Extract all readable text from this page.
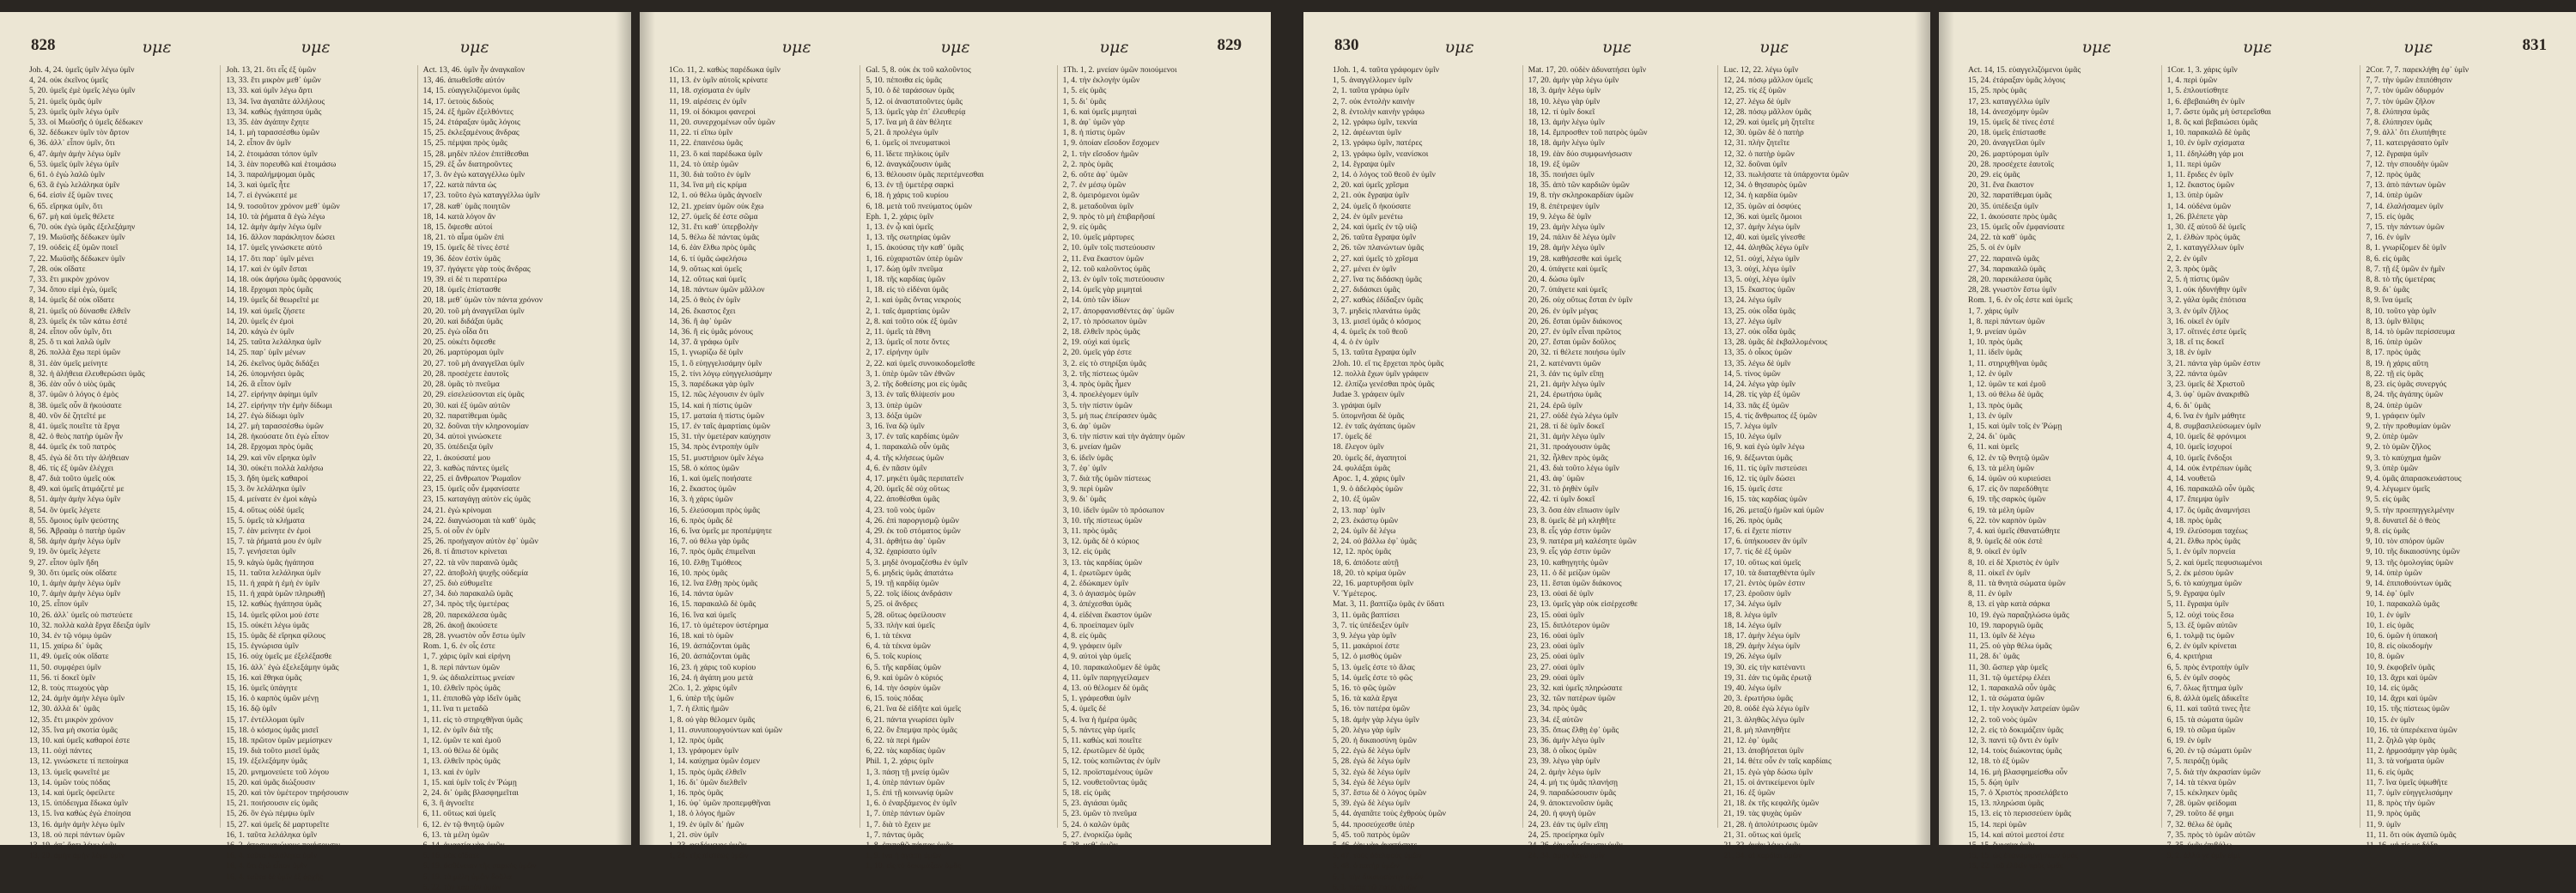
828	υμε	υμε	υμε
Joh. 4, 24. ὑμεῖς ὑμῖν λέγω ὑμῖν
4, 24. οὐκ ἐκεῖνος ὑμεῖς
5, 20. ὑμεῖς ἐμὲ ὑμεῖς λέγω ὑμῖν
5, 21. ὑμεῖς ὑμᾶς ὑμῖν
5, 23. ὑμεῖς ὑμῖν λέγω ὑμῖν
5, 33. οἱ Μωϋσῆς ὁ ὑμεῖς δέδωκεν
6, 32. δέδωκεν ὑμῖν τὸν ἄρτον
6, 36. ἀλλ᾽ εἶπον ὑμῖν, ὅτι
6, 47. ἀμὴν ἀμὴν λέγω ὑμῖν
6, 53. ὑμεῖς ὑμῖν λέγω ὑμῖν
6, 61. ὁ ἐγὼ λαλῶ ὑμῖν
6, 63. ἃ ἐγὼ λελάληκα ὑμῖν
6, 64. εἰσὶν ἐξ ὑμῶν τινες
6, 65. εἴρηκα ὑμῖν, ὅτι
6, 67. μὴ καὶ ὑμεῖς θέλετε
6, 70. οὐκ ἐγὼ ὑμᾶς ἐξελεξάμην
7, 19. Μωϋσῆς δέδωκεν ὑμῖν
7, 19. οὐδεὶς ἐξ ὑμῶν ποιεῖ
7, 22. Μωϋσῆς δέδωκεν ὑμῖν
7, 28. οὐκ οἴδατε
7, 33. ἔτι μικρὸν χρόνον
7, 34. ὅπου εἰμὶ ἐγὼ, ὑμεῖς
8, 14. ὑμεῖς δὲ οὐκ οἴδατε
8, 21. ὑμεῖς οὐ δύνασθε ἐλθεῖν
8, 23. ὑμεῖς ἐκ τῶν κάτω ἐστέ
8, 24. εἶπον οὖν ὑμῖν, ὅτι
8, 25. ὅ τι καὶ λαλῶ ὑμῖν
8, 26. πολλὰ ἔχω περὶ ὑμῶν
8, 31. ἐὰν ὑμεῖς μείνητε
8, 32. ἡ ἀλήθεια ἐλευθερώσει ὑμᾶς
8, 36. ἐὰν οὖν ὁ υἱὸς ὑμᾶς
8, 37. ὑμῶν ὁ λόγος ὁ ἐμὸς
8, 38. ὑμεῖς οὖν ἃ ἠκούσατε
8, 40. νῦν δὲ ζητεῖτέ με
8, 41. ὑμεῖς ποιεῖτε τὰ ἔργα
8, 42. ὁ θεὸς πατὴρ ὑμῶν ἦν
8, 44. ὑμεῖς ἐκ τοῦ πατρὸς
8, 45. ἐγὼ δὲ ὅτι τὴν ἀλήθειαν
8, 46. τίς ἐξ ὑμῶν ἐλέγχει
8, 47. διὰ τοῦτο ὑμεῖς οὐκ
8, 49. καὶ ὑμεῖς ἀτιμάζετέ με
8, 51. ἀμὴν ἀμὴν λέγω ὑμῖν
8, 54. ὃν ὑμεῖς λέγετε
8, 55. ὅμοιος ὑμῖν ψεύστης
8, 56. Ἀβραὰμ ὁ πατὴρ ὑμῶν
8, 58. ἀμὴν ἀμὴν λέγω ὑμῖν
9, 19. ὃν ὑμεῖς λέγετε
9, 27. εἶπον ὑμῖν ἤδη
9, 30. ὅτι ὑμεῖς οὐκ οἴδατε
10, 1. ἀμὴν ἀμὴν λέγω ὑμῖν
10, 7. ἀμὴν ἀμὴν λέγω ὑμῖν
10, 25. εἶπον ὑμῖν
10, 26. ἀλλ᾽ ὑμεῖς οὐ πιστεύετε
10, 32. πολλὰ καλὰ ἔργα ἔδειξα ὑμῖν
10, 34. ἐν τῷ νόμῳ ὑμῶν
11, 15. χαίρω δι᾽ ὑμᾶς
11, 49. ὑμεῖς οὐκ οἴδατε
11, 50. συμφέρει ὑμῖν
11, 56. τί δοκεῖ ὑμῖν
12, 8. τοὺς πτωχοὺς γὰρ
12, 24. ἀμὴν ἀμὴν λέγω ὑμῖν
12, 30. ἀλλὰ δι᾽ ὑμᾶς
12, 35. ἔτι μικρὸν χρόνον
12, 35. ἵνα μὴ σκοτία ὑμᾶς
13, 10. καὶ ὑμεῖς καθαροί ἐστε
13, 11. οὐχὶ πάντες
13, 12. γινώσκετε τί πεποίηκα
13, 13. ὑμεῖς φωνεῖτέ με
13, 14. ὑμῶν τοὺς πόδας
13, 14. καὶ ὑμεῖς ὀφείλετε
13, 15. ὑπόδειγμα ἔδωκα ὑμῖν
13, 15. ἵνα καθὼς ἐγὼ ἐποίησα
13, 16. ἀμὴν ἀμὴν λέγω ὑμῖν
13, 18. οὐ περὶ πάντων ὑμῶν
13, 19. ἀπ᾽ ἄρτι λέγω ὑμῖν
13, 20. ἀμὴν ἀμὴν λέγω ὑμῖν
Joh. 13, 21. ὅτι εἷς ἐξ ὑμῶν
13, 33. ἔτι μικρὸν μεθ᾽ ὑμῶν
13, 33. καὶ ὑμῖν λέγω ἄρτι
13, 34. ἵνα ἀγαπᾶτε ἀλλήλους
13, 34. καθὼς ἠγάπησα ὑμᾶς
13, 35. ἐὰν ἀγάπην ἔχητε
14, 1. μὴ ταρασσέσθω ὑμῶν
14, 2. εἶπον ἂν ὑμῖν
14, 2. ἑτοιμάσαι τόπον ὑμῖν
14, 3. ἐὰν πορευθῶ καὶ ἑτοιμάσω
14, 3. παραλήμψομαι ὑμᾶς
14, 3. καὶ ὑμεῖς ἦτε
14, 7. εἰ ἐγνώκειτέ με
14, 9. τοσοῦτον χρόνον μεθ᾽ ὑμῶν
14, 10. τὰ ῥήματα ἃ ἐγὼ λέγω
14, 12. ἀμὴν ἀμὴν λέγω ὑμῖν
14, 16. ἄλλον παράκλητον δώσει
14, 17. ὑμεῖς γινώσκετε αὐτό
14, 17. ὅτι παρ᾽ ὑμῖν μένει
14, 17. καὶ ἐν ὑμῖν ἔσται
14, 18. οὐκ ἀφήσω ὑμᾶς ὀρφανούς
14, 18. ἔρχομαι πρὸς ὑμᾶς
14, 19. ὑμεῖς δὲ θεωρεῖτέ με
14, 19. καὶ ὑμεῖς ζήσετε
14, 20. ὑμεῖς ἐν ἐμοὶ
14, 20. κἀγὼ ἐν ὑμῖν
14, 25. ταῦτα λελάληκα ὑμῖν
14, 25. παρ᾽ ὑμῖν μένων
14, 26. ἐκεῖνος ὑμᾶς διδάξει
14, 26. ὑπομνήσει ὑμᾶς
14, 26. ἃ εἶπον ὑμῖν
14, 27. εἰρήνην ἀφίημι ὑμῖν
14, 27. εἰρήνην τὴν ἐμὴν δίδωμι
14, 27. ἐγὼ δίδωμι ὑμῖν
14, 27. μὴ ταρασσέσθω ὑμῶν
14, 28. ἠκούσατε ὅτι ἐγὼ εἶπον
14, 28. ἔρχομαι πρὸς ὑμᾶς
14, 29. καὶ νῦν εἴρηκα ὑμῖν
14, 30. οὐκέτι πολλὰ λαλήσω
15, 3. ἤδη ὑμεῖς καθαροί
15, 3. ὃν λελάληκα ὑμῖν
15, 4. μείνατε ἐν ἐμοὶ κἀγὼ
15, 4. οὕτως οὐδὲ ὑμεῖς
15, 5. ὑμεῖς τὰ κλήματα
15, 7. ἐὰν μείνητε ἐν ἐμοὶ
15, 7. τὰ ῥήματά μου ἐν ὑμῖν
15, 7. γενήσεται ὑμῖν
15, 9. κἀγὼ ὑμᾶς ἠγάπησα
15, 11. ταῦτα λελάληκα ὑμῖν
15, 11. ἡ χαρὰ ἡ ἐμὴ ἐν ὑμῖν
15, 11. ἡ χαρὰ ὑμῶν πληρωθῇ
15, 12. καθὼς ἠγάπησα ὑμᾶς
15, 14. ὑμεῖς φίλοι μού ἐστε
15, 15. οὐκέτι λέγω ὑμᾶς
15, 15. ὑμᾶς δὲ εἴρηκα φίλους
15, 15. ἐγνώρισα ὑμῖν
15, 16. οὐχ ὑμεῖς με ἐξελέξασθε
15, 16. ἀλλ᾽ ἐγὼ ἐξελεξάμην ὑμᾶς
15, 16. καὶ ἔθηκα ὑμᾶς
15, 16. ὑμεῖς ὑπάγητε
15, 16. ὁ καρπὸς ὑμῶν μένῃ
15, 16. δῷ ὑμῖν
15, 17. ἐντέλλομαι ὑμῖν
15, 18. ὁ κόσμος ὑμᾶς μισεῖ
15, 18. πρῶτον ὑμῶν μεμίσηκεν
15, 19. διὰ τοῦτο μισεῖ ὑμᾶς
15, 19. ἐξελεξάμην ὑμᾶς
15, 20. μνημονεύετε τοῦ λόγου
15, 20. καὶ ὑμᾶς διώξουσιν
15, 20. καὶ τὸν ὑμέτερον τηρήσουσιν
15, 21. ποιήσουσιν εἰς ὑμᾶς
15, 26. ὃν ἐγὼ πέμψω ὑμῖν
15, 27. καὶ ὑμεῖς δὲ μαρτυρεῖτε
16, 1. ταῦτα λελάληκα ὑμῖν
16, 2. ἀποσυναγώγους ποιήσουσιν
16, 4. ταῦτα λελάληκα ὑμῖν
16, 4. ὅτι ἐγὼ εἶπον ὑμῖν
16, 4. ταῦτα δὲ ὑμῖν ἐξ ἀρχῆς
Act. 13, 46. ὑμῖν ἦν ἀναγκαῖον
13, 46. ἀπωθεῖσθε αὐτόν
14, 15. εὐαγγελιζόμενοι ὑμᾶς
14, 17. ὑετοὺς διδοὺς
15, 24. ἐξ ἡμῶν ἐξελθόντες
15, 24. ἐτάραξαν ὑμᾶς λόγοις
15, 25. ἐκλεξαμένους ἄνδρας
15, 25. πέμψαι πρὸς ὑμᾶς
15, 28. μηδὲν πλέον ἐπιτίθεσθαι
15, 29. ἐξ ὧν διατηροῦντες
17, 3. ὃν ἐγὼ καταγγέλλω ὑμῖν
17, 22. κατὰ πάντα ὡς
17, 23. τοῦτο ἐγὼ καταγγέλλω ὑμῖν
17, 28. καθ᾽ ὑμᾶς ποιητῶν
18, 14. κατὰ λόγον ἂν
18, 15. ὄψεσθε αὐτοί
18, 21. τὸ αἷμα ὑμῶν ἐπὶ
19, 15. ὑμεῖς δὲ τίνες ἐστέ
19, 36. δέον ἐστὶν ὑμᾶς
19, 37. ἠγάγετε γὰρ τοὺς ἄνδρας
19, 39. εἰ δέ τι περαιτέρω
20, 18. ὑμεῖς ἐπίστασθε
20, 18. μεθ᾽ ὑμῶν τὸν πάντα χρόνον
20, 20. τοῦ μὴ ἀναγγεῖλαι ὑμῖν
20, 20. καὶ διδάξαι ὑμᾶς
20, 25. ἐγὼ οἶδα ὅτι
20, 25. οὐκέτι ὄψεσθε
20, 26. μαρτύρομαι ὑμῖν
20, 27. τοῦ μὴ ἀναγγεῖλαι ὑμῖν
20, 28. προσέχετε ἑαυτοῖς
20, 28. ὑμᾶς τὸ πνεῦμα
20, 29. εἰσελεύσονται εἰς ὑμᾶς
20, 30. καὶ ἐξ ὑμῶν αὐτῶν
20, 32. παρατίθεμαι ὑμᾶς
20, 32. δοῦναι τὴν κληρονομίαν
20, 34. αὐτοὶ γινώσκετε
20, 35. ὑπέδειξα ὑμῖν
22, 1. ἀκούσατέ μου
22, 3. καθὼς πάντες ὑμεῖς
22, 25. εἰ ἄνθρωπον Ῥωμαῖον
23, 15. ὑμεῖς οὖν ἐμφανίσατε
23, 15. καταγάγῃ αὐτὸν εἰς ὑμᾶς
24, 21. ἐγὼ κρίνομαι
24, 22. διαγνώσομαι τὰ καθ᾽ ὑμᾶς
25, 5. οἱ οὖν ἐν ὑμῖν
25, 26. προήγαγον αὐτὸν ἐφ᾽ ὑμῶν
26, 8. τί ἄπιστον κρίνεται
27, 22. τὰ νῦν παραινῶ ὑμᾶς
27, 22. ἀποβολὴ ψυχῆς οὐδεμία
27, 25. διὸ εὐθυμεῖτε
27, 34. διὸ παρακαλῶ ὑμᾶς
27, 34. πρὸς τῆς ὑμετέρας
28, 20. παρεκάλεσα ὑμᾶς
28, 26. ἀκοῇ ἀκούσετε
28, 28. γνωστὸν οὖν ἔστω ὑμῖν
Rom. 1, 6. ἐν οἷς ἐστε
1, 7. χάρις ὑμῖν καὶ εἰρήνη
1, 8. περὶ πάντων ὑμῶν
1, 9. ὡς ἀδιαλείπτως μνείαν
1, 10. ἐλθεῖν πρὸς ὑμᾶς
1, 11. ἐπιποθῶ γὰρ ἰδεῖν ὑμᾶς
1, 11. ἵνα τι μεταδῶ
1, 11. εἰς τὸ στηριχθῆναι ὑμᾶς
1, 12. ἐν ὑμῖν διὰ τῆς
1, 12. ὑμῶν τε καὶ ἐμοῦ
1, 13. οὐ θέλω δὲ ὑμᾶς
1, 13. ἐλθεῖν πρὸς ὑμᾶς
1, 13. καὶ ἐν ὑμῖν
1, 15. καὶ ὑμῖν τοῖς ἐν Ῥώμῃ
2, 24. δι᾽ ὑμᾶς βλασφημεῖται
6, 3. ἢ ἀγνοεῖτε
6, 11. οὕτως καὶ ὑμεῖς
6, 12. ἐν τῷ θνητῷ ὑμῶν
6, 13. τὰ μέλη ὑμῶν
6, 14. ἁμαρτία γὰρ ὑμῶν
6, 16. οὐκ οἴδατε
6, 19. ἀσθένειαν τῆς σαρκὸς ὑμῶν
6, 19. τὰ μέλη ὑμῶν δοῦλα
6, 22. τὸν καρπὸν ὑμῶν
829
υμε	υμε	υμε
1Co. 11, 2. καθὼς παρέδωκα ὑμῖν
11, 13. ἐν ὑμῖν αὐτοῖς κρίνατε
11, 18. σχίσματα ἐν ὑμῖν
11, 19. αἱρέσεις ἐν ὑμῖν
11, 19. οἱ δόκιμοι φανεροὶ
11, 20. συνερχομένων οὖν ὑμῶν
11, 22. τί εἴπω ὑμῖν
11, 22. ἐπαινέσω ὑμᾶς
11, 23. ὃ καὶ παρέδωκα ὑμῖν
11, 24. τὸ ὑπὲρ ὑμῶν
11, 30. διὰ τοῦτο ἐν ὑμῖν
11, 34. ἵνα μὴ εἰς κρίμα
12, 1. οὐ θέλω ὑμᾶς ἀγνοεῖν
12, 21. χρείαν ὑμῶν οὐκ ἔχω
12, 27. ὑμεῖς δέ ἐστε σῶμα
12, 31. ἔτι καθ᾽ ὑπερβολὴν
14, 5. θέλω δὲ πάντας ὑμᾶς
14, 6. ἐὰν ἔλθω πρὸς ὑμᾶς
14, 6. τί ὑμᾶς ὠφελήσω
14, 9. οὕτως καὶ ὑμεῖς
14, 12. οὕτως καὶ ὑμεῖς
14, 18. πάντων ὑμῶν μᾶλλον
14, 25. ὁ θεὸς ἐν ὑμῖν
14, 26. ἕκαστος ἔχει
14, 36. ἢ ἀφ᾽ ὑμῶν
14, 36. ἢ εἰς ὑμᾶς μόνους
14, 37. ἃ γράφω ὑμῖν
15, 1. γνωρίζω δὲ ὑμῖν
15, 1. ὃ εὐηγγελισάμην ὑμῖν
15, 2. τίνι λόγῳ εὐηγγελισάμην
15, 3. παρέδωκα γὰρ ὑμῖν
15, 12. πῶς λέγουσιν ἐν ὑμῖν
15, 14. καὶ ἡ πίστις ὑμῶν
15, 17. ματαία ἡ πίστις ὑμῶν
15, 17. ἐν ταῖς ἁμαρτίαις ὑμῶν
15, 31. τὴν ὑμετέραν καύχησιν
15, 34. πρὸς ἐντροπὴν ὑμῖν
15, 51. μυστήριον ὑμῖν λέγω
15, 58. ὁ κόπος ὑμῶν
16, 1. καὶ ὑμεῖς ποιήσατε
16, 2. ἕκαστος ὑμῶν
16, 3. ἡ χάρις ὑμῶν
16, 5. ἐλεύσομαι πρὸς ὑμᾶς
16, 6. πρὸς ὑμᾶς δὲ
16, 6. ἵνα ὑμεῖς με προπέμψητε
16, 7. οὐ θέλω γὰρ ὑμᾶς
16, 7. πρὸς ὑμᾶς ἐπιμεῖναι
16, 10. ἔλθῃ Τιμόθεος
16, 10. πρὸς ὑμᾶς
16, 12. ἵνα ἔλθῃ πρὸς ὑμᾶς
16, 14. πάντα ὑμῶν
16, 15. παρακαλῶ δὲ ὑμᾶς
16, 16. ἵνα καὶ ὑμεῖς
16, 17. τὸ ὑμέτερον ὑστέρημα
16, 18. καὶ τὸ ὑμῶν
16, 19. ἀσπάζονται ὑμᾶς
16, 20. ἀσπάζονται ὑμᾶς
16, 23. ἡ χάρις τοῦ κυρίου
16, 24. ἡ ἀγάπη μου μετὰ
2Co. 1, 2. χάρις ὑμῖν
1, 6. ὑπὲρ τῆς ὑμῶν
1, 7. ἡ ἐλπὶς ἡμῶν
1, 8. οὐ γὰρ θέλομεν ὑμᾶς
1, 11. συνυπουργούντων καὶ ὑμῶν
1, 12. πρὸς ὑμᾶς
1, 13. γράφομεν ὑμῖν
1, 14. καύχημα ὑμῶν ἐσμεν
1, 15. πρὸς ὑμᾶς ἐλθεῖν
1, 16. δι᾽ ὑμῶν διελθεῖν
1, 16. πρὸς ὑμᾶς
1, 16. ὑφ᾽ ὑμῶν προπεμφθῆναι
1, 18. ὁ λόγος ἡμῶν
1, 19. ἐν ὑμῖν δι᾽ ἡμῶν
1, 21. σὺν ὑμῖν
1, 23. φειδόμενος ὑμῶν
1, 24. τῆς πίστεως ὑμῶν
Gal. 5, 8. οὐκ ἐκ τοῦ καλοῦντος
5, 10. πέποιθα εἰς ὑμᾶς
5, 10. ὁ δὲ ταράσσων ὑμᾶς
5, 12. οἱ ἀναστατοῦντες ὑμᾶς
5, 13. ὑμεῖς γὰρ ἐπ᾽ ἐλευθερίᾳ
5, 17. ἵνα μὴ ἃ ἐὰν θέλητε
5, 21. ἃ προλέγω ὑμῖν
6, 1. ὑμεῖς οἱ πνευματικοὶ
6, 11. ἴδετε πηλίκοις ὑμῖν
6, 12. ἀναγκάζουσιν ὑμᾶς
6, 13. θέλουσιν ὑμᾶς περιτέμνεσθαι
6, 13. ἐν τῇ ὑμετέρᾳ σαρκὶ
6, 18. ἡ χάρις τοῦ κυρίου
6, 18. μετὰ τοῦ πνεύματος ὑμῶν
Eph. 1, 2. χάρις ὑμῖν
1, 13. ἐν ᾧ καὶ ὑμεῖς
1, 13. τῆς σωτηρίας ὑμῶν
1, 15. ἀκούσας τὴν καθ᾽ ὑμᾶς
1, 16. εὐχαριστῶν ὑπὲρ ὑμῶν
1, 17. δώῃ ὑμῖν πνεῦμα
1, 18. τῆς καρδίας ὑμῶν
1, 18. εἰς τὸ εἰδέναι ὑμᾶς
2, 1. καὶ ὑμᾶς ὄντας νεκροὺς
2, 1. ταῖς ἁμαρτίαις ὑμῶν
2, 8. καὶ τοῦτο οὐκ ἐξ ὑμῶν
2, 11. ὑμεῖς τὰ ἔθνη
2, 13. ὑμεῖς οἵ ποτε ὄντες
2, 17. εἰρήνην ὑμῖν
2, 22. καὶ ὑμεῖς συνοικοδομεῖσθε
3, 1. ὑπὲρ ὑμῶν τῶν ἐθνῶν
3, 2. τῆς δοθείσης μοι εἰς ὑμᾶς
3, 13. ἐν ταῖς θλίψεσίν μου
3, 13. ὑπὲρ ὑμῶν
3, 13. δόξα ὑμῶν
3, 16. ἵνα δῷ ὑμῖν
3, 17. ἐν ταῖς καρδίαις ὑμῶν
4, 1. παρακαλῶ οὖν ὑμᾶς
4, 4. τῆς κλήσεως ὑμῶν
4, 6. ἐν πᾶσιν ὑμῖν
4, 17. μηκέτι ὑμᾶς περιπατεῖν
4, 20. ὑμεῖς δὲ οὐχ οὕτως
4, 22. ἀποθέσθαι ὑμᾶς
4, 23. τοῦ νοὸς ὑμῶν
4, 26. ἐπὶ παροργισμῷ ὑμῶν
4, 29. ἐκ τοῦ στόματος ὑμῶν
4, 31. ἀρθήτω ἀφ᾽ ὑμῶν
4, 32. ἐχαρίσατο ὑμῖν
5, 3. μηδὲ ὀνομαζέσθω ἐν ὑμῖν
5, 6. μηδεὶς ὑμᾶς ἀπατάτω
5, 19. τῇ καρδίᾳ ὑμῶν
5, 22. τοῖς ἰδίοις ἀνδράσιν
5, 25. οἱ ἄνδρες
5, 28. οὕτως ὀφείλουσιν
5, 33. πλὴν καὶ ὑμεῖς
6, 1. τὰ τέκνα
6, 4. τὰ τέκνα ὑμῶν
6, 5. τοῖς κυρίοις
6, 5. τῆς καρδίας ὑμῶν
6, 9. καὶ ὑμῶν ὁ κύριός
6, 14. τὴν ὀσφὺν ὑμῶν
6, 15. τοὺς πόδας
6, 21. ἵνα δὲ εἰδῆτε καὶ ὑμεῖς
6, 21. πάντα γνωρίσει ὑμῖν
6, 22. ὃν ἔπεμψα πρὸς ὑμᾶς
6, 22. τὰ περὶ ἡμῶν
6, 22. τὰς καρδίας ὑμῶν
Phil. 1, 2. χάρις ὑμῖν
1, 3. πάσῃ τῇ μνείᾳ ὑμῶν
1, 4. ὑπὲρ πάντων ὑμῶν
1, 5. ἐπὶ τῇ κοινωνίᾳ ὑμῶν
1, 6. ὁ ἐναρξάμενος ἐν ὑμῖν
1, 7. ὑπὲρ πάντων ὑμῶν
1, 7. διὰ τὸ ἔχειν με
1, 7. πάντας ὑμᾶς
1, 8. ἐπιποθῶ πάντας ὑμᾶς
1, 9. ἵνα ἡ ἀγάπη ὑμῶν
1, 10. εἰς τὸ δοκιμάζειν ὑμᾶς
1Th. 1, 2. μνείαν ὑμῶν ποιούμενοι
1, 4. τὴν ἐκλογὴν ὑμῶν
1, 5. εἰς ὑμᾶς
1, 5. δι᾽ ὑμᾶς
1, 6. καὶ ὑμεῖς μιμηταὶ
1, 8. ἀφ᾽ ὑμῶν γὰρ
1, 8. ἡ πίστις ὑμῶν
1, 9. ὁποίαν εἴσοδον ἔσχομεν
2, 1. τὴν εἴσοδον ἡμῶν
2, 2. πρὸς ὑμᾶς
2, 6. οὔτε ἀφ᾽ ὑμῶν
2, 7. ἐν μέσῳ ὑμῶν
2, 8. ὁμειρόμενοι ὑμῶν
2, 8. μεταδοῦναι ὑμῖν
2, 9. πρὸς τὸ μὴ ἐπιβαρῆσαί
2, 9. εἰς ὑμᾶς
2, 10. ὑμεῖς μάρτυρες
2, 10. ὑμῖν τοῖς πιστεύουσιν
2, 11. ἕνα ἕκαστον ὑμῶν
2, 12. τοῦ καλοῦντος ὑμᾶς
2, 13. ἐν ὑμῖν τοῖς πιστεύουσιν
2, 14. ὑμεῖς γὰρ μιμηταὶ
2, 14. ὑπὸ τῶν ἰδίων
2, 17. ἀπορφανισθέντες ἀφ᾽ ὑμῶν
2, 17. τὸ πρόσωπον ὑμῶν
2, 18. ἐλθεῖν πρὸς ὑμᾶς
2, 19. οὐχὶ καὶ ὑμεῖς
2, 20. ὑμεῖς γάρ ἐστε
3, 2. εἰς τὸ στηρίξαι ὑμᾶς
3, 2. τῆς πίστεως ὑμῶν
3, 4. πρὸς ὑμᾶς ἦμεν
3, 4. προελέγομεν ὑμῖν
3, 5. τὴν πίστιν ὑμῶν
3, 5. μή πως ἐπείρασεν ὑμᾶς
3, 6. ἀφ᾽ ὑμῶν
3, 6. τὴν πίστιν καὶ τὴν ἀγάπην ὑμῶν
3, 6. μνείαν ἡμῶν
3, 6. ἰδεῖν ὑμᾶς
3, 7. ἐφ᾽ ὑμῖν
3, 7. διὰ τῆς ὑμῶν πίστεως
3, 9. περὶ ὑμῶν
3, 9. δι᾽ ὑμᾶς
3, 10. ἰδεῖν ὑμῶν τὸ πρόσωπον
3, 10. τῆς πίστεως ὑμῶν
3, 11. πρὸς ὑμᾶς
3, 12. ὑμᾶς δὲ ὁ κύριος
3, 12. εἰς ὑμᾶς
3, 13. τὰς καρδίας ὑμῶν
4, 1. ἐρωτῶμεν ὑμᾶς
4, 2. ἐδώκαμεν ὑμῖν
4, 3. ὁ ἁγιασμὸς ὑμῶν
4, 3. ἀπέχεσθαι ὑμᾶς
4, 4. εἰδέναι ἕκαστον ὑμῶν
4, 6. προείπαμεν ὑμῖν
4, 8. εἰς ὑμᾶς
4, 9. γράφειν ὑμῖν
4, 9. αὐτοὶ γὰρ ὑμεῖς
4, 10. παρακαλοῦμεν δὲ ὑμᾶς
4, 11. ὑμῖν παρηγγείλαμεν
4, 13. οὐ θέλομεν δὲ ὑμᾶς
5, 1. γράφεσθαι ὑμῖν
5, 4. ὑμεῖς δέ
5, 4. ἵνα ἡ ἡμέρα ὑμᾶς
5, 5. πάντες γὰρ ὑμεῖς
5, 11. καθὼς καὶ ποιεῖτε
5, 12. ἐρωτῶμεν δὲ ὑμᾶς
5, 12. τοὺς κοπιῶντας ἐν ὑμῖν
5, 12. προϊσταμένους ὑμῶν
5, 12. νουθετοῦντας ὑμᾶς
5, 18. εἰς ὑμᾶς
5, 23. ἁγιάσαι ὑμᾶς
5, 23. ὑμῶν τὸ πνεῦμα
5, 24. ὁ καλῶν ὑμᾶς
5, 27. ἐνορκίζω ὑμᾶς
5, 28. μεθ᾽ ὑμῶν
830	υμε	υμε	υμε
1Joh. 1, 4. ταῦτα γράφομεν ὑμῖν
1, 5. ἀναγγέλλομεν ὑμῖν
2, 1. ταῦτα γράφω ὑμῖν
2, 7. οὐκ ἐντολὴν καινὴν
2, 8. ἐντολὴν καινὴν γράφω
2, 12. γράφω ὑμῖν, τεκνία
2, 12. ἀφέωνται ὑμῖν
2, 13. γράφω ὑμῖν, πατέρες
2, 13. γράφω ὑμῖν, νεανίσκοι
2, 14. ἔγραψα ὑμῖν
2, 14. ὁ λόγος τοῦ θεοῦ ἐν ὑμῖν
2, 20. καὶ ὑμεῖς χρῖσμα
2, 21. οὐκ ἔγραψα ὑμῖν
2, 24. ὑμεῖς ὃ ἠκούσατε
2, 24. ἐν ὑμῖν μενέτω
2, 24. καὶ ὑμεῖς ἐν τῷ υἱῷ
2, 26. ταῦτα ἔγραψα ὑμῖν
2, 26. τῶν πλανώντων ὑμᾶς
2, 27. καὶ ὑμεῖς τὸ χρῖσμα
2, 27. μένει ἐν ὑμῖν
2, 27. ἵνα τις διδάσκῃ ὑμᾶς
2, 27. διδάσκει ὑμᾶς
2, 27. καθὼς ἐδίδαξεν ὑμᾶς
3, 7. μηδεὶς πλανάτω ὑμᾶς
3, 13. μισεῖ ὑμᾶς ὁ κόσμος
4, 4. ὑμεῖς ἐκ τοῦ θεοῦ
4, 4. ὁ ἐν ὑμῖν
5, 13. ταῦτα ἔγραψα ὑμῖν
2Joh. 10. εἴ τις ἔρχεται πρὸς ὑμᾶς
12. πολλὰ ἔχων ὑμῖν γράφειν
12. ἐλπίζω γενέσθαι πρὸς ὑμᾶς
Judae 3. γράφειν ὑμῖν
3. γράψαι ὑμῖν
5. ὑπομνῆσαι δὲ ὑμᾶς
12. ἐν ταῖς ἀγάπαις ὑμῶν
17. ὑμεῖς δέ
18. ἔλεγον ὑμῖν
20. ὑμεῖς δέ, ἀγαπητοί
24. φυλάξαι ὑμᾶς
Apoc. 1, 4. χάρις ὑμῖν
1, 9. ὁ ἀδελφὸς ὑμῶν
2, 10. ἐξ ὑμῶν
2, 13. παρ᾽ ὑμῖν
2, 23. ἑκάστῳ ὑμῶν
2, 24. ὑμῖν δὲ λέγω
2, 24. οὐ βάλλω ἐφ᾽ ὑμᾶς
12, 12. πρὸς ὑμᾶς
18, 6. ἀπόδοτε αὐτῇ
18, 20. τὸ κρίμα ὑμῶν
22, 16. μαρτυρῆσαι ὑμῖν
V. Ὑμέτερος.
Mat. 3, 11. βαπτίζω ὑμᾶς ἐν ὕδατι
3, 11. ὑμᾶς βαπτίσει
3, 7. τίς ὑπέδειξεν ὑμῖν
3, 9. λέγω γὰρ ὑμῖν
5, 11. μακάριοί ἐστε
5, 12. ὁ μισθὸς ὑμῶν
5, 13. ὑμεῖς ἐστε τὸ ἅλας
5, 14. ὑμεῖς ἐστε τὸ φῶς
5, 16. τὸ φῶς ὑμῶν
5, 16. τὰ καλὰ ἔργα
5, 16. τὸν πατέρα ὑμῶν
5, 18. ἀμὴν γὰρ λέγω ὑμῖν
5, 20. λέγω γὰρ ὑμῖν
5, 20. ἡ δικαιοσύνη ὑμῶν
5, 22. ἐγὼ δὲ λέγω ὑμῖν
5, 28. ἐγὼ δὲ λέγω ὑμῖν
5, 32. ἐγὼ δὲ λέγω ὑμῖν
5, 34. ἐγὼ δὲ λέγω ὑμῖν
5, 37. ἔστω δὲ ὁ λόγος ὑμῶν
5, 39. ἐγὼ δὲ λέγω ὑμῖν
5, 44. ἀγαπᾶτε τοὺς ἐχθροὺς ὑμῶν
5, 44. προσεύχεσθε ὑπὲρ
5, 45. τοῦ πατρὸς ὑμῶν
5, 46. ἐὰν γὰρ ἀγαπήσητε
5, 47. τοὺς ἀδελφοὺς ὑμῶν
5, 48. ὁ πατὴρ ὑμῶν
6, 1. τὴν δικαιοσύνην ὑμῶν
6, 1. παρὰ τῷ πατρὶ ὑμῶν
Mat. 17, 20. οὐδὲν ἀδυνατήσει ὑμῖν
17, 20. ἀμὴν γὰρ λέγω ὑμῖν
18, 3. ἀμὴν λέγω ὑμῖν
18, 10. λέγω γὰρ ὑμῖν
18, 12. τί ὑμῖν δοκεῖ
18, 13. ἀμὴν λέγω ὑμῖν
18, 14. ἔμπροσθεν τοῦ πατρὸς ὑμῶν
18, 18. ἀμὴν λέγω ὑμῖν
18, 19. ἐὰν δύο συμφωνήσωσιν
18, 19. ἐξ ὑμῶν
18, 35. ποιήσει ὑμῖν
18, 35. ἀπὸ τῶν καρδιῶν ὑμῶν
19, 8. τὴν σκληροκαρδίαν ὑμῶν
19, 8. ἐπέτρεψεν ὑμῖν
19, 9. λέγω δὲ ὑμῖν
19, 23. ἀμὴν λέγω ὑμῖν
19, 24. πάλιν δὲ λέγω ὑμῖν
19, 28. ἀμὴν λέγω ὑμῖν
19, 28. καθήσεσθε καὶ ὑμεῖς
20, 4. ὑπάγετε καὶ ὑμεῖς
20, 4. δώσω ὑμῖν
20, 7. ὑπάγετε καὶ ὑμεῖς
20, 26. οὐχ οὕτως ἔσται ἐν ὑμῖν
20, 26. ἐν ὑμῖν μέγας
20, 26. ἔσται ὑμῶν διάκονος
20, 27. ἐν ὑμῖν εἶναι πρῶτος
20, 27. ἔσται ὑμῶν δοῦλος
20, 32. τί θέλετε ποιήσω ὑμῖν
21, 2. κατέναντι ὑμῶν
21, 3. ἐάν τις ὑμῖν εἴπῃ
21, 21. ἀμὴν λέγω ὑμῖν
21, 24. ἐρωτήσω ὑμᾶς
21, 24. ἐρῶ ὑμῖν
21, 27. οὐδὲ ἐγὼ λέγω ὑμῖν
21, 28. τί δὲ ὑμῖν δοκεῖ
21, 31. ἀμὴν λέγω ὑμῖν
21, 31. προάγουσιν ὑμᾶς
21, 32. ἦλθεν πρὸς ὑμᾶς
21, 43. διὰ τοῦτο λέγω ὑμῖν
21, 43. ἀφ᾽ ὑμῶν
22, 31. τὸ ῥηθὲν ὑμῖν
22, 42. τί ὑμῖν δοκεῖ
23, 3. ὅσα ἐὰν εἴπωσιν ὑμῖν
23, 8. ὑμεῖς δὲ μὴ κληθῆτε
23, 8. εἷς γάρ ἐστιν ὑμῶν
23, 9. πατέρα μὴ καλέσητε ὑμῶν
23, 9. εἷς γάρ ἐστιν ὑμῶν
23, 10. καθηγητὴς ὑμῶν
23, 11. ὁ δὲ μείζων ὑμῶν
23, 11. ἔσται ὑμῶν διάκονος
23, 13. οὐαὶ δὲ ὑμῖν
23, 13. ὑμεῖς γὰρ οὐκ εἰσέρχεσθε
23, 15. οὐαὶ ὑμῖν
23, 15. διπλότερον ὑμῶν
23, 16. οὐαὶ ὑμῖν
23, 23. οὐαὶ ὑμῖν
23, 25. οὐαὶ ὑμῖν
23, 27. οὐαὶ ὑμῖν
23, 29. οὐαὶ ὑμῖν
23, 32. καὶ ὑμεῖς πληρώσατε
23, 32. τῶν πατέρων ὑμῶν
23, 34. πρὸς ὑμᾶς
23, 34. ἐξ αὐτῶν
23, 35. ὅπως ἔλθῃ ἐφ᾽ ὑμᾶς
23, 36. ἀμὴν λέγω ὑμῖν
23, 38. ὁ οἶκος ὑμῶν
23, 39. λέγω γὰρ ὑμῖν
24, 2. ἀμὴν λέγω ὑμῖν
24, 4. μή τις ὑμᾶς πλανήσῃ
24, 9. παραδώσουσιν ὑμᾶς
24, 9. ἀποκτενοῦσιν ὑμᾶς
24, 20. ἡ φυγὴ ὑμῶν
24, 23. ἐάν τις ὑμῖν εἴπῃ
24, 25. προείρηκα ὑμῖν
24, 26. ἐὰν οὖν εἴπωσιν ὑμῖν
24, 34. ἀμὴν λέγω ὑμῖν
Luc. 12, 22. λέγω ὑμῖν
12, 24. πόσῳ μᾶλλον ὑμεῖς
12, 25. τίς ἐξ ὑμῶν
12, 27. λέγω δὲ ὑμῖν
12, 28. πόσῳ μᾶλλον ὑμᾶς
12, 29. καὶ ὑμεῖς μὴ ζητεῖτε
12, 30. ὑμῶν δὲ ὁ πατὴρ
12, 31. πλὴν ζητεῖτε
12, 32. ὁ πατὴρ ὑμῶν
12, 32. δοῦναι ὑμῖν
12, 33. πωλήσατε τὰ ὑπάρχοντα ὑμῶν
12, 34. ὁ θησαυρὸς ὑμῶν
12, 34. ἡ καρδία ὑμῶν
12, 35. ὑμῶν αἱ ὀσφύες
12, 36. καὶ ὑμεῖς ὅμοιοι
12, 37. ἀμὴν λέγω ὑμῖν
12, 40. καὶ ὑμεῖς γίνεσθε
12, 44. ἀληθῶς λέγω ὑμῖν
12, 51. οὐχί, λέγω ὑμῖν
13, 3. οὐχί, λέγω ὑμῖν
13, 5. οὐχί, λέγω ὑμῖν
13, 15. ἕκαστος ὑμῶν
13, 24. λέγω ὑμῖν
13, 25. οὐκ οἶδα ὑμᾶς
13, 27. λέγω ὑμῖν
13, 27. οὐκ οἶδα ὑμᾶς
13, 28. ὑμᾶς δὲ ἐκβαλλομένους
13, 35. ὁ οἶκος ὑμῶν
13, 35. λέγω δὲ ὑμῖν
14, 5. τίνος ὑμῶν
14, 24. λέγω γὰρ ὑμῖν
14, 28. τίς γὰρ ἐξ ὑμῶν
14, 33. πᾶς ἐξ ὑμῶν
15, 4. τίς ἄνθρωπος ἐξ ὑμῶν
15, 7. λέγω ὑμῖν
15, 10. λέγω ὑμῖν
16, 9. καὶ ἐγὼ ὑμῖν λέγω
16, 9. δέξωνται ὑμᾶς
16, 11. τίς ὑμῖν πιστεύσει
16, 12. τίς ὑμῖν δώσει
16, 15. ὑμεῖς ἐστε
16, 15. τὰς καρδίας ὑμῶν
16, 26. μεταξὺ ἡμῶν καὶ ὑμῶν
16, 26. πρὸς ὑμᾶς
17, 6. εἰ ἔχετε πίστιν
17, 6. ὑπήκουσεν ἂν ὑμῖν
17, 7. τίς δὲ ἐξ ὑμῶν
17, 10. οὕτως καὶ ὑμεῖς
17, 10. τὰ διαταχθέντα ὑμῖν
17, 21. ἐντὸς ὑμῶν ἐστιν
17, 23. ἐροῦσιν ὑμῖν
17, 34. λέγω ὑμῖν
18, 8. λέγω ὑμῖν
18, 14. λέγω ὑμῖν
18, 17. ἀμὴν λέγω ὑμῖν
18, 29. ἀμὴν λέγω ὑμῖν
19, 26. λέγω ὑμῖν
19, 30. εἰς τὴν κατέναντι
19, 31. ἐάν τις ὑμᾶς ἐρωτᾷ
19, 40. λέγω ὑμῖν
20, 3. ἐρωτήσω ὑμᾶς
20, 8. οὐδὲ ἐγὼ λέγω ὑμῖν
21, 3. ἀληθῶς λέγω ὑμῖν
21, 8. μὴ πλανηθῆτε
21, 12. ἐφ᾽ ὑμᾶς
21, 13. ἀποβήσεται ὑμῖν
21, 14. θέτε οὖν ἐν ταῖς καρδίαις
21, 15. ἐγὼ γὰρ δώσω ὑμῖν
21, 15. οἱ ἀντικείμενοι ὑμῖν
21, 16. ἐξ ὑμῶν
21, 18. ἐκ τῆς κεφαλῆς ὑμῶν
21, 19. τὰς ψυχὰς ὑμῶν
21, 28. ἡ ἀπολύτρωσις ὑμῶν
21, 31. οὕτως καὶ ὑμεῖς
21, 32. ἀμὴν λέγω ὑμῖν
21, 34. αἱ καρδίαι ὑμῶν
831
υμε	υμε	υμε
Act. 14, 15. εὐαγγελιζόμενοι ὑμᾶς
15, 24. ἐτάραξαν ὑμᾶς λόγοις
15, 25. πρὸς ὑμᾶς
17, 23. καταγγέλλω ὑμῖν
18, 14. ἀνεσχόμην ὑμῶν
19, 15. ὑμεῖς δὲ τίνες ἐστέ
20, 18. ὑμεῖς ἐπίστασθε
20, 20. ἀναγγεῖλαι ὑμῖν
20, 26. μαρτύρομαι ὑμῖν
20, 28. προσέχετε ἑαυτοῖς
20, 29. εἰς ὑμᾶς
20, 31. ἕνα ἕκαστον
20, 32. παρατίθεμαι ὑμᾶς
20, 35. ὑπέδειξα ὑμῖν
22, 1. ἀκούσατε πρὸς ὑμᾶς
23, 15. ὑμεῖς οὖν ἐμφανίσατε
24, 22. τὰ καθ᾽ ὑμᾶς
25, 5. οἱ ἐν ὑμῖν
27, 22. παραινῶ ὑμᾶς
27, 34. παρακαλῶ ὑμᾶς
28, 20. παρεκάλεσα ὑμᾶς
28, 28. γνωστὸν ἔστω ὑμῖν
Rom. 1, 6. ἐν οἷς ἐστε καὶ ὑμεῖς
1, 7. χάρις ὑμῖν
1, 8. περὶ πάντων ὑμῶν
1, 9. μνείαν ὑμῶν
1, 10. πρὸς ὑμᾶς
1, 11. ἰδεῖν ὑμᾶς
1, 11. στηριχθῆναι ὑμᾶς
1, 12. ἐν ὑμῖν
1, 12. ὑμῶν τε καὶ ἐμοῦ
1, 13. οὐ θέλω δὲ ὑμᾶς
1, 13. πρὸς ὑμᾶς
1, 13. ἐν ὑμῖν
1, 15. καὶ ὑμῖν τοῖς ἐν Ῥώμῃ
2, 24. δι᾽ ὑμᾶς
6, 11. καὶ ὑμεῖς
6, 12. ἐν τῷ θνητῷ ὑμῶν
6, 13. τὰ μέλη ὑμῶν
6, 14. ὑμῶν οὐ κυριεύσει
6, 17. εἰς ὃν παρεδόθητε
6, 19. τῆς σαρκὸς ὑμῶν
6, 19. τὰ μέλη ὑμῶν
6, 22. τὸν καρπὸν ὑμῶν
7, 4. καὶ ὑμεῖς ἐθανατώθητε
8, 9. ὑμεῖς δὲ οὐκ ἐστὲ
8, 9. οἰκεῖ ἐν ὑμῖν
8, 10. εἰ δὲ Χριστὸς ἐν ὑμῖν
8, 11. οἰκεῖ ἐν ὑμῖν
8, 11. τὰ θνητὰ σώματα ὑμῶν
8, 11. ἐν ὑμῖν
8, 13. εἰ γὰρ κατὰ σάρκα
10, 19. ἐγὼ παραζηλώσω ὑμᾶς
10, 19. παροργιῶ ὑμᾶς
11, 13. ὑμῖν δὲ λέγω
11, 25. οὐ γὰρ θέλω ὑμᾶς
11, 28. δι᾽ ὑμᾶς
11, 30. ὥσπερ γὰρ ὑμεῖς
11, 31. τῷ ὑμετέρῳ ἐλέει
12, 1. παρακαλῶ οὖν ὑμᾶς
12, 1. τὰ σώματα ὑμῶν
12, 1. τὴν λογικὴν λατρείαν ὑμῶν
12, 2. τοῦ νοὸς ὑμῶν
12, 2. εἰς τὸ δοκιμάζειν ὑμᾶς
12, 3. παντὶ τῷ ὄντι ἐν ὑμῖν
12, 14. τοὺς διώκοντας ὑμᾶς
12, 18. τὸ ἐξ ὑμῶν
14, 16. μὴ βλασφημείσθω οὖν
15, 5. δῴη ὑμῖν
15, 7. ὁ Χριστὸς προσελάβετο
15, 13. πληρώσαι ὑμᾶς
15, 13. εἰς τὸ περισσεύειν ὑμᾶς
15, 14. περὶ ὑμῶν
15, 14. καὶ αὐτοὶ μεστοί ἐστε
15, 15. ἔγραψα ὑμῖν
15, 15. ὡς ἐπαναμιμνῄσκων ὑμᾶς
15, 22. τοῦ ἐλθεῖν πρὸς ὑμᾶς
1Cor. 1, 3. χάρις ὑμῖν
1, 4. περὶ ὑμῶν
1, 5. ἐπλουτίσθητε
1, 6. ἐβεβαιώθη ἐν ὑμῖν
1, 7. ὥστε ὑμᾶς μὴ ὑστερεῖσθαι
1, 8. ὃς καὶ βεβαιώσει ὑμᾶς
1, 10. παρακαλῶ δὲ ὑμᾶς
1, 10. ἐν ὑμῖν σχίσματα
1, 11. ἐδηλώθη γάρ μοι
1, 11. περὶ ὑμῶν
1, 11. ἔριδες ἐν ὑμῖν
1, 12. ἕκαστος ὑμῶν
1, 13. ὑπὲρ ὑμῶν
1, 14. οὐδένα ὑμῶν
1, 26. βλέπετε γὰρ
1, 30. ἐξ αὐτοῦ δὲ ὑμεῖς
2, 1. ἐλθὼν πρὸς ὑμᾶς
2, 1. καταγγέλλων ὑμῖν
2, 2. ἐν ὑμῖν
2, 3. πρὸς ὑμᾶς
2, 5. ἡ πίστις ὑμῶν
3, 1. οὐκ ἠδυνήθην ὑμῖν
3, 2. γάλα ὑμᾶς ἐπότισα
3, 3. ἐν ὑμῖν ζῆλος
3, 16. οἰκεῖ ἐν ὑμῖν
3, 17. οἵτινές ἐστε ὑμεῖς
3, 18. εἴ τις δοκεῖ
3, 18. ἐν ὑμῖν
3, 21. πάντα γὰρ ὑμῶν ἐστιν
3, 22. πάντα ὑμῶν
3, 23. ὑμεῖς δὲ Χριστοῦ
4, 3. ὑφ᾽ ὑμῶν ἀνακριθῶ
4, 6. δι᾽ ὑμᾶς
4, 6. ἵνα ἐν ἡμῖν μάθητε
4, 8. συμβασιλεύσωμεν ὑμῖν
4, 10. ὑμεῖς δὲ φρόνιμοι
4, 10. ὑμεῖς ἰσχυροί
4, 10. ὑμεῖς ἔνδοξοι
4, 14. οὐκ ἐντρέπων ὑμᾶς
4, 14. νουθετῶ
4, 16. παρακαλῶ οὖν ὑμᾶς
4, 17. ἔπεμψα ὑμῖν
4, 17. ὃς ὑμᾶς ἀναμνήσει
4, 18. πρὸς ὑμᾶς
4, 19. ἐλεύσομαι ταχέως
4, 21. ἔλθω πρὸς ὑμᾶς
5, 1. ἐν ὑμῖν πορνεία
5, 2. καὶ ὑμεῖς πεφυσιωμένοι
5, 2. ἐκ μέσου ὑμῶν
5, 6. τὸ καύχημα ὑμῶν
5, 9. ἔγραψα ὑμῖν
5, 11. ἔγραψα ὑμῖν
5, 12. οὐχὶ τοὺς ἔσω
5, 13. ἐξ ὑμῶν αὐτῶν
6, 1. τολμᾷ τις ὑμῶν
6, 2. ἐν ὑμῖν κρίνεται
6, 4. κριτήρια
6, 5. πρὸς ἐντροπὴν ὑμῖν
6, 5. ἐν ὑμῖν σοφὸς
6, 7. ὅλως ἥττημα ὑμῖν
6, 8. ἀλλὰ ὑμεῖς ἀδικεῖτε
6, 11. καὶ ταῦτά τινες ἦτε
6, 15. τὰ σώματα ὑμῶν
6, 19. τὸ σῶμα ὑμῶν
6, 19. ἐν ὑμῖν
6, 20. ἐν τῷ σώματι ὑμῶν
7, 5. πειράζῃ ὑμᾶς
7, 5. διὰ τὴν ἀκρασίαν ὑμῶν
7, 14. τὰ τέκνα ὑμῶν
7, 15. κέκληκεν ὑμᾶς
7, 28. ὑμῶν φείδομαι
7, 29. τοῦτο δέ φημι
7, 32. θέλω δὲ ὑμᾶς
7, 35. πρὸς τὸ ὑμῶν αὐτῶν
7, 35. ὑμῖν ἐπιβάλω
9, 2. ἀλλά γε ὑμῖν εἰμι
2Cor. 7, 7. παρεκλήθη ἐφ᾽ ὑμῖν
7, 7. τὴν ὑμῶν ἐπιπόθησιν
7, 7. τὸν ὑμῶν ὀδυρμόν
7, 7. τὸν ὑμῶν ζῆλον
7, 8. ἐλύπησα ὑμᾶς
7, 8. ἐλύπησεν ὑμᾶς
7, 9. ἀλλ᾽ ὅτι ἐλυπήθητε
7, 11. κατειργάσατο ὑμῖν
7, 12. ἔγραψα ὑμῖν
7, 12. τὴν σπουδὴν ὑμῶν
7, 12. πρὸς ὑμᾶς
7, 13. ἀπὸ πάντων ὑμῶν
7, 14. ὑπὲρ ὑμῶν
7, 14. ἐλαλήσαμεν ὑμῖν
7, 15. εἰς ὑμᾶς
7, 15. τὴν πάντων ὑμῶν
7, 16. ἐν ὑμῖν
8, 1. γνωρίζομεν δὲ ὑμῖν
8, 6. εἰς ὑμᾶς
8, 7. τῇ ἐξ ὑμῶν ἐν ἡμῖν
8, 8. τὸ τῆς ὑμετέρας
8, 9. δι᾽ ὑμᾶς
8, 9. ἵνα ὑμεῖς
8, 10. τοῦτο γὰρ ὑμῖν
8, 13. ὑμῖν θλῖψις
8, 14. τὸ ὑμῶν περίσσευμα
8, 16. ὑπὲρ ὑμῶν
8, 17. πρὸς ὑμᾶς
8, 19. ἡ χάρις αὕτη
8, 22. τῇ εἰς ὑμᾶς
8, 23. εἰς ὑμᾶς συνεργός
8, 24. τῆς ἀγάπης ὑμῶν
8, 24. ὑπὲρ ὑμῶν
9, 1. γράφειν ὑμῖν
9, 2. τὴν προθυμίαν ὑμῶν
9, 2. ὑπὲρ ὑμῶν
9, 2. τὸ ὑμῶν ζῆλος
9, 3. τὸ καύχημα ἡμῶν
9, 3. ὑπὲρ ὑμῶν
9, 4. ὑμᾶς ἀπαρασκευάστους
9, 4. λέγωμεν ὑμεῖς
9, 5. εἰς ὑμᾶς
9, 5. τὴν προεπηγγελμένην
9, 8. δυνατεῖ δὲ ὁ θεὸς
9, 8. εἰς ὑμᾶς
9, 10. τὸν σπόρον ὑμῶν
9, 10. τῆς δικαιοσύνης ὑμῶν
9, 13. τῆς ὁμολογίας ὑμῶν
9, 14. ὑπὲρ ὑμῶν
9, 14. ἐπιποθούντων ὑμᾶς
9, 14. ἐφ᾽ ὑμῖν
10, 1. παρακαλῶ ὑμᾶς
10, 1. ἐν ὑμῖν
10, 1. εἰς ὑμᾶς
10, 6. ὑμῶν ἡ ὑπακοή
10, 8. εἰς οἰκοδομὴν
10, 8. ὑμῶν
10, 9. ἐκφοβεῖν ὑμᾶς
10, 13. ἄχρι καὶ ὑμῶν
10, 14. εἰς ὑμᾶς
10, 14. ἄχρι καὶ ὑμῶν
10, 15. τῆς πίστεως ὑμῶν
10, 15. ἐν ὑμῖν
10, 16. τὰ ὑπερέκεινα ὑμῶν
11, 2. ζηλῶ γὰρ ὑμᾶς
11, 2. ἡρμοσάμην γὰρ ὑμᾶς
11, 3. τὰ νοήματα ὑμῶν
11, 6. εἰς ὑμᾶς
11, 7. ἵνα ὑμεῖς ὑψωθῆτε
11, 7. ὑμῖν εὐηγγελισάμην
11, 8. πρὸς τὴν ὑμῶν
11, 9. πρὸς ὑμᾶς
11, 9. ὑμῖν
11, 11. ὅτι οὐκ ἀγαπῶ ὑμᾶς
11, 16. μή τίς με δόξῃ
